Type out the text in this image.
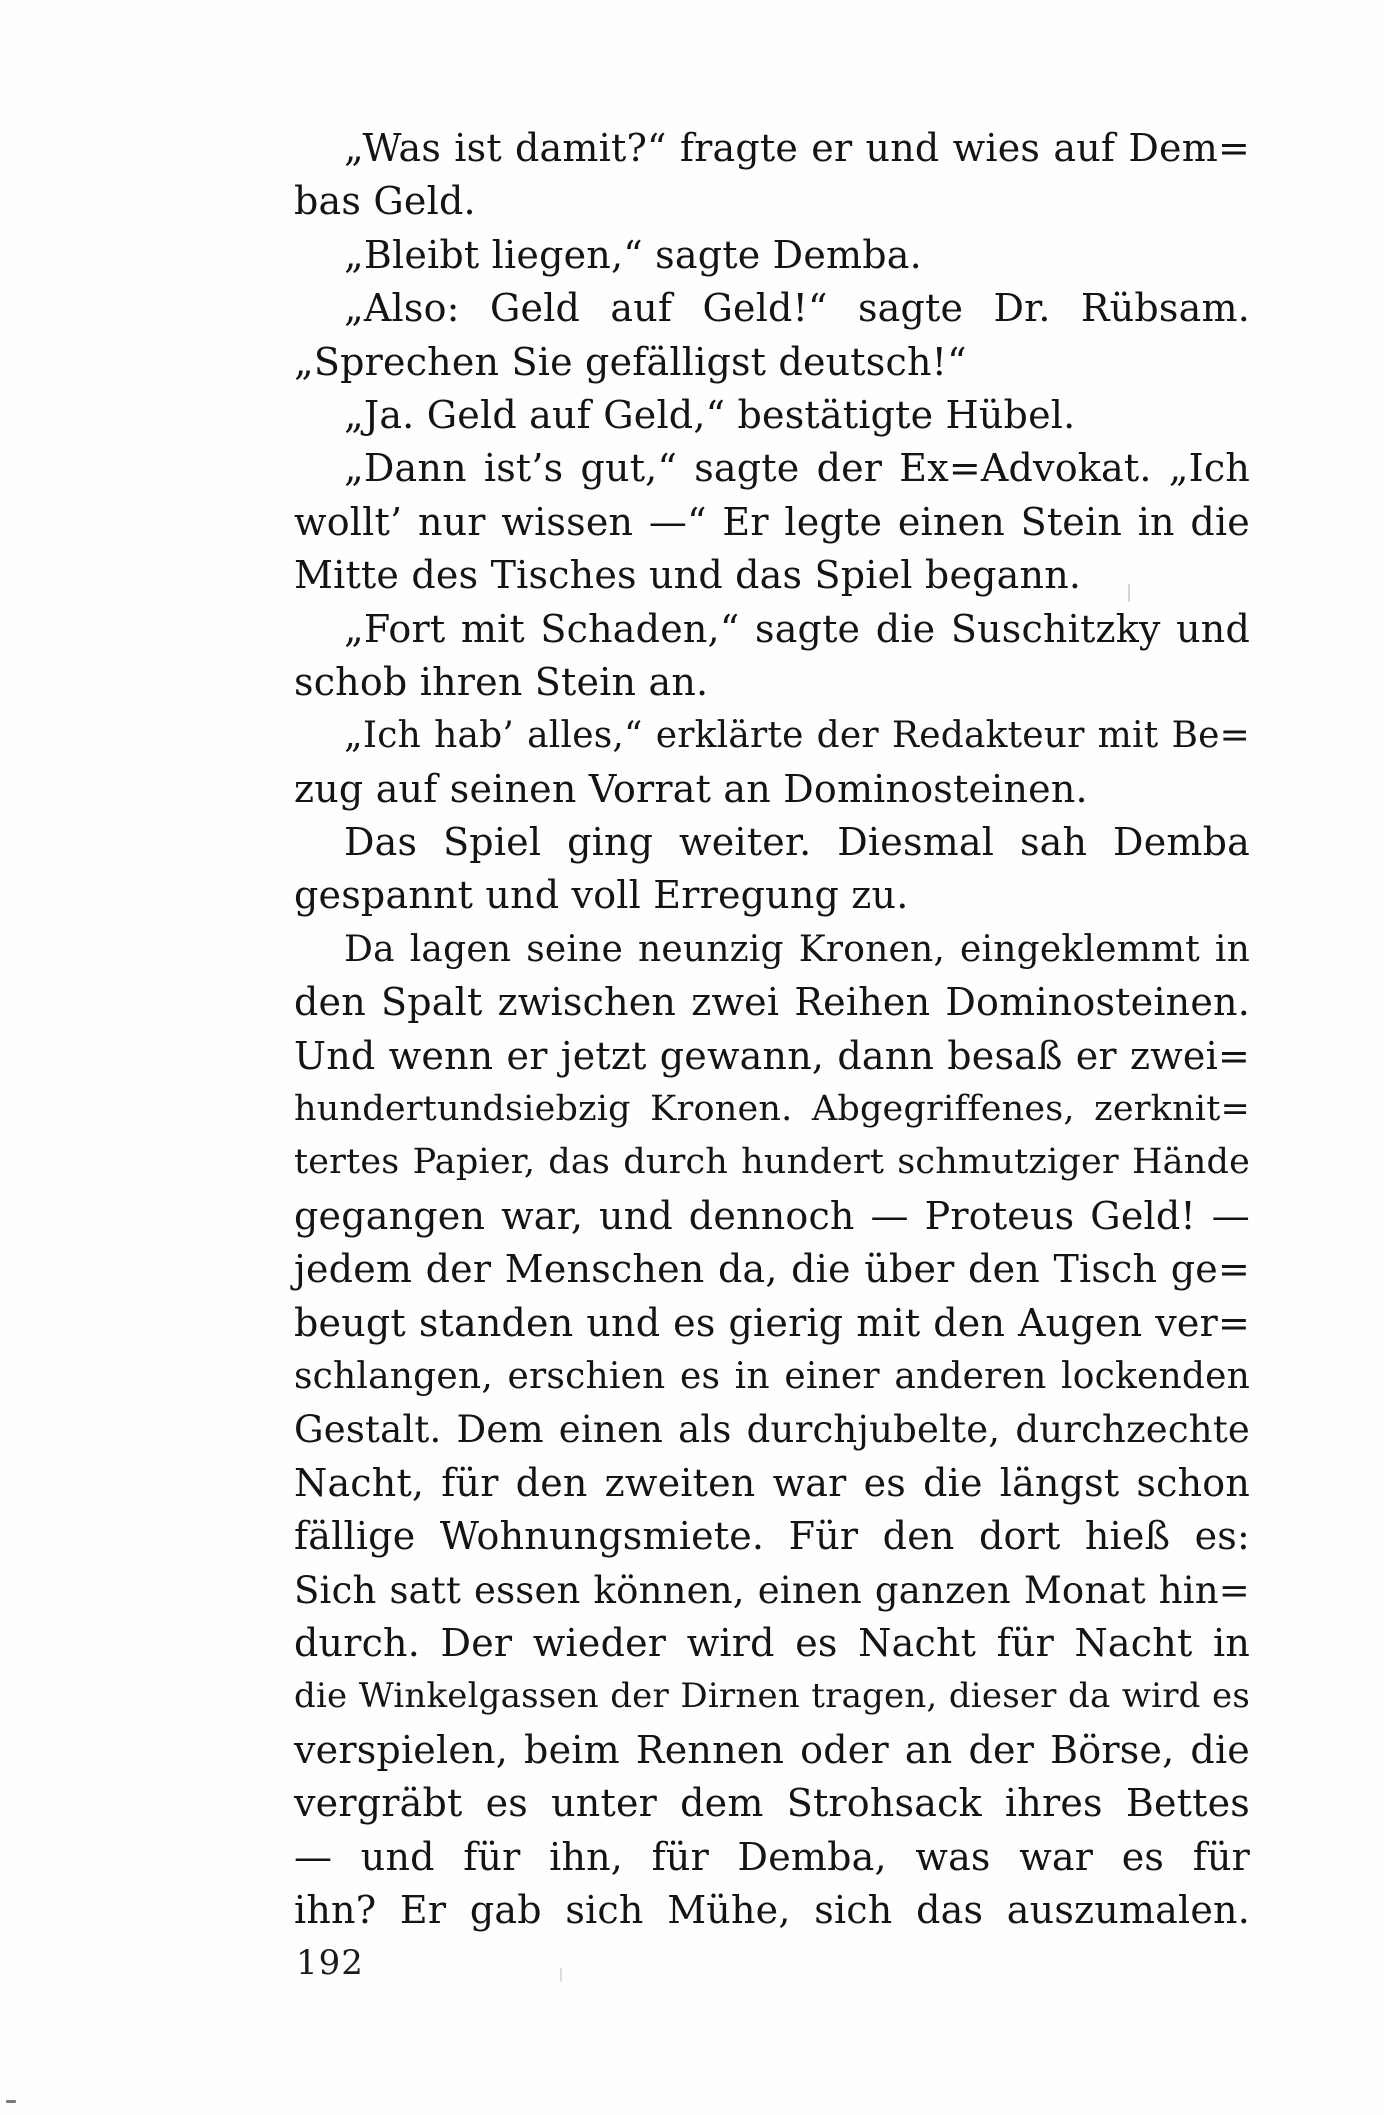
„Was ist damit?“ fragte er und wies auf Dem=
bas Geld.
„Bleibt liegen,“ sagte Demba.
„Also: Geld auf Geld!“ sagte Dr. Rübsam.
„Sprechen Sie gefälligst deutsch!“
„Ja. Geld auf Geld,“ bestätigte Hübel.
„Dann ist’s gut,“ sagte der Ex=Advokat. „Ich
wollt’ nur wissen —“ Er legte einen Stein in die
Mitte des Tisches und das Spiel begann.
„Fort mit Schaden,“ sagte die Suschitzky und
schob ihren Stein an.
„Ich hab’ alles,“ erklärte der Redakteur mit Be=
zug auf seinen Vorrat an Dominosteinen.
Das Spiel ging weiter. Diesmal sah Demba
gespannt und voll Erregung zu.
Da lagen seine neunzig Kronen, eingeklemmt in
den Spalt zwischen zwei Reihen Dominosteinen.
Und wenn er jetzt gewann, dann besaß er zwei=
hundertundsiebzig Kronen. Abgegriffenes, zerknit=
tertes Papier, das durch hundert schmutziger Hände
gegangen war, und dennoch — Proteus Geld! —
jedem der Menschen da, die über den Tisch ge=
beugt standen und es gierig mit den Augen ver=
schlangen, erschien es in einer anderen lockenden
Gestalt. Dem einen als durchjubelte, durchzechte
Nacht, für den zweiten war es die längst schon
fällige Wohnungsmiete. Für den dort hieß es:
Sich satt essen können, einen ganzen Monat hin=
durch. Der wieder wird es Nacht für Nacht in
die Winkelgassen der Dirnen tragen, dieser da wird es
verspielen, beim Rennen oder an der Börse, die
vergräbt es unter dem Strohsack ihres Bettes
— und für ihn, für Demba, was war es für
ihn? Er gab sich Mühe, sich das auszumalen.
192
